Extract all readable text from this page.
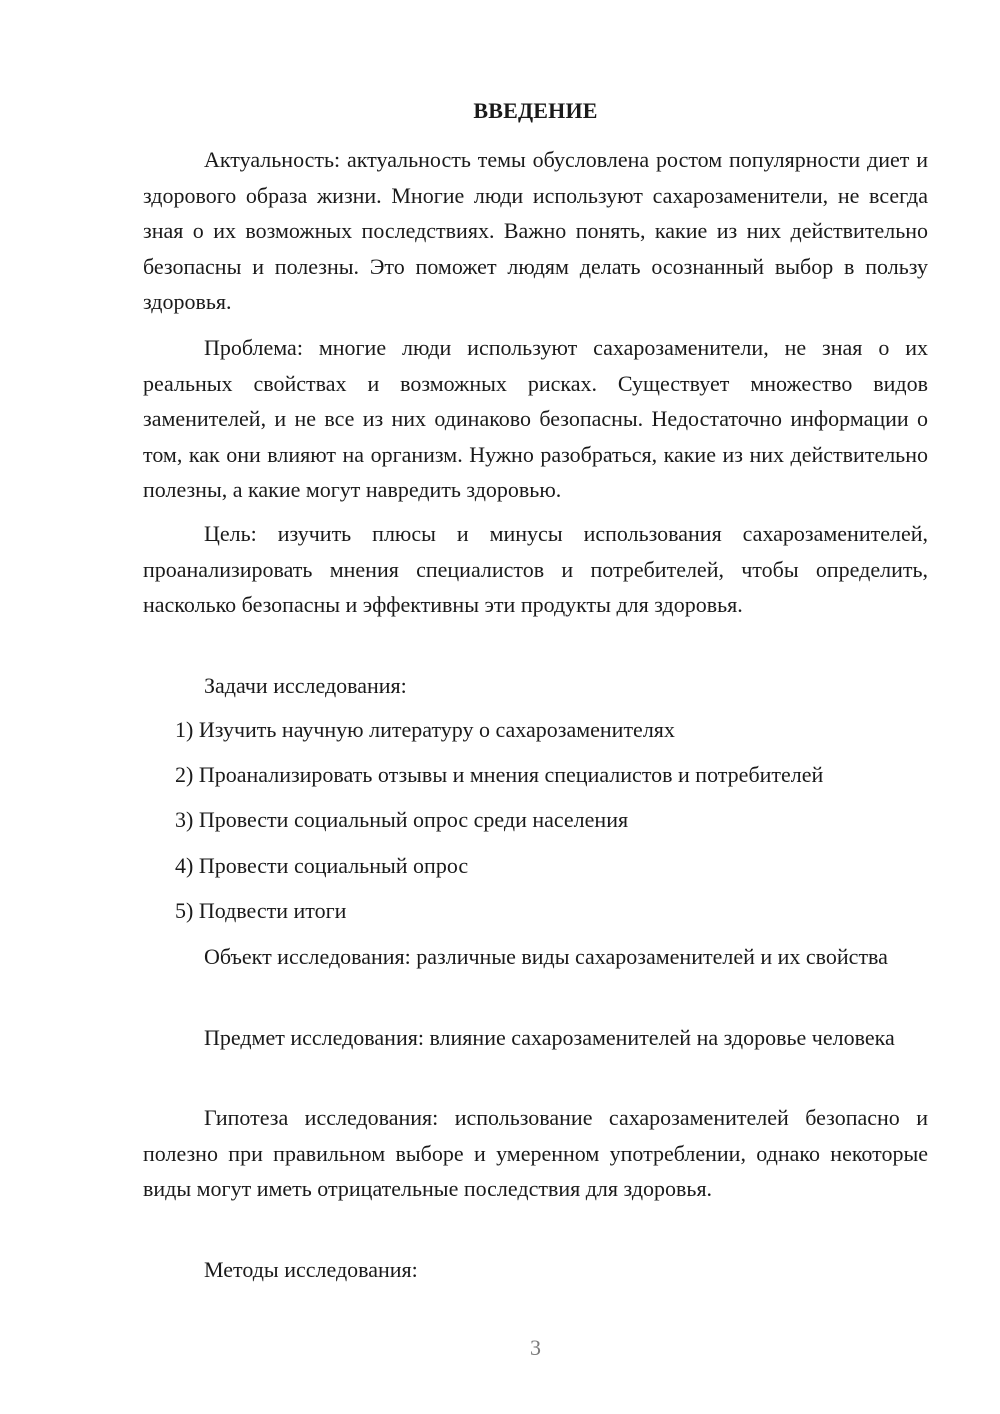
ВВЕДЕНИЕ

Актуальность: актуальность темы обусловлена ростом популярности диет и здорового образа жизни. Многие люди используют сахарозаменители, не всегда зная о их возможных последствиях. Важно понять, какие из них действительно безопасны и полезны. Это поможет людям делать осознанный выбор в пользу здоровья.

Проблема: многие люди используют сахарозаменители, не зная о их реальных свойствах и возможных рисках. Существует множество видов заменителей, и не все из них одинаково безопасны. Недостаточно информации о том, как они влияют на организм. Нужно разобраться, какие из них действительно полезны, а какие могут навредить здоровью.

Цель: изучить плюсы и минусы использования сахарозаменителей, проанализировать мнения специалистов и потребителей, чтобы определить, насколько безопасны и эффективны эти продукты для здоровья.

Задачи исследования:

1) Изучить научную литературу о сахарозаменителях

2) Проанализировать отзывы и мнения специалистов и потребителей

3) Провести социальный опрос среди населения

4) Провести социальный опрос

5) Подвести итоги

Объект исследования: различные виды сахарозаменителей и их свойства

Предмет исследования: влияние сахарозаменителей на здоровье человека

Гипотеза исследования: использование сахарозаменителей безопасно и полезно при правильном выборе и умеренном употреблении, однако некоторые виды могут иметь отрицательные последствия для здоровья.

Методы исследования:

3
